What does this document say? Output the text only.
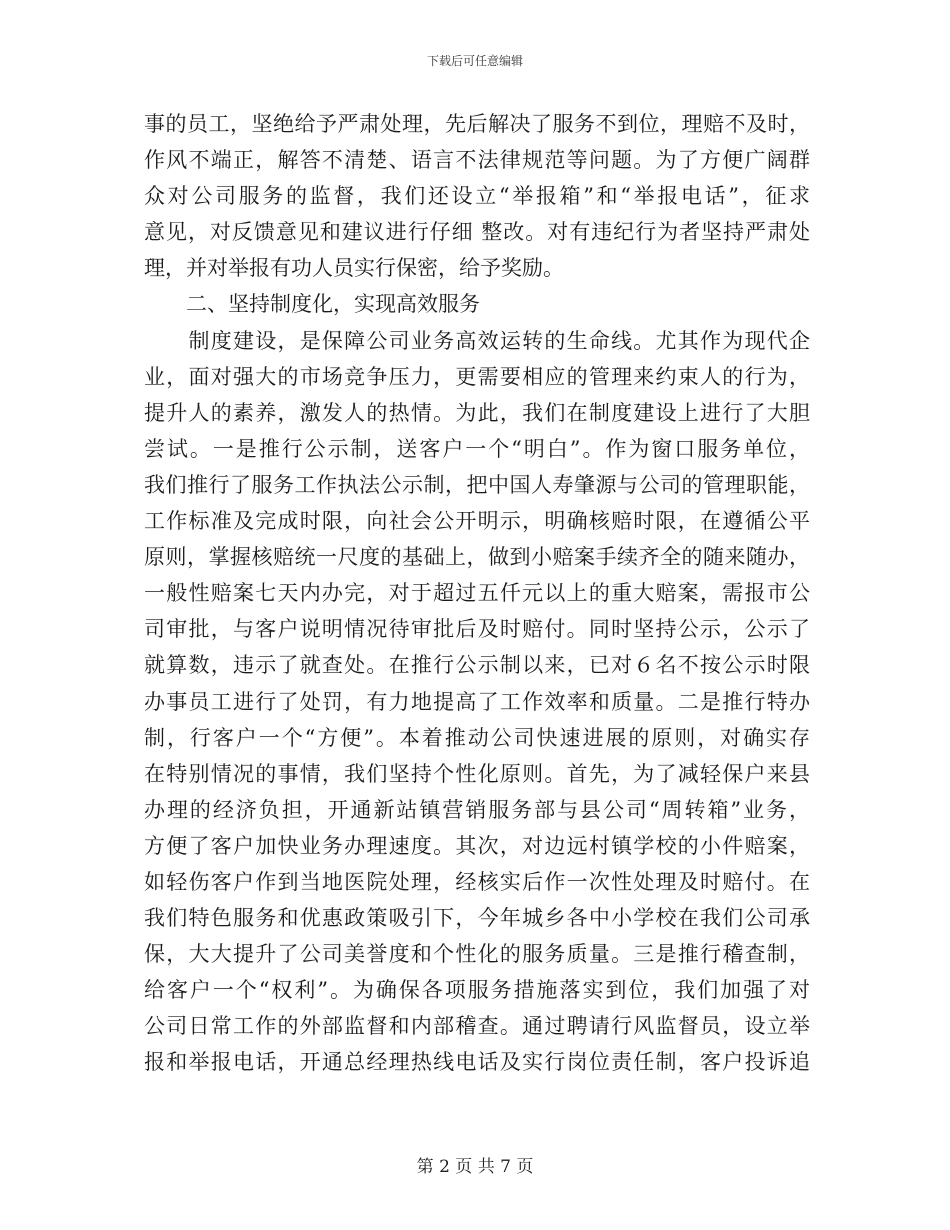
下载后可任意编辑
事的员工，坚绝给予严肃处理，先后解决了服务不到位，理赔不及时，
作风不端正，解答不清楚、语言不法律规范等问题。为了方便广阔群
众对公司服务的监督，我们还设立“举报箱”和“举报电话”，征求
意见，对反馈意见和建议进行仔细 整改。对有违纪行为者坚持严肃处
理，并对举报有功人员实行保密，给予奖励。
　　二、坚持制度化，实现高效服务
　　制度建设，是保障公司业务高效运转的生命线。尤其作为现代企
业，面对强大的市场竞争压力，更需要相应的管理来约束人的行为，
提升人的素养，激发人的热情。为此，我们在制度建设上进行了大胆
尝试。一是推行公示制，送客户一个“明白”。作为窗口服务单位，
我们推行了服务工作执法公示制，把中国人寿肇源与公司的管理职能，
工作标准及完成时限，向社会公开明示，明确核赔时限，在遵循公平
原则，掌握核赔统一尺度的基础上，做到小赔案手续齐全的随来随办，
一般性赔案七天内办完，对于超过五仟元以上的重大赔案，需报市公
司审批，与客户说明情况待审批后及时赔付。同时坚持公示，公示了
就算数，违示了就查处。在推行公示制以来，已对６名不按公示时限
办事员工进行了处罚，有力地提高了工作效率和质量。二是推行特办
制，行客户一个“方便”。本着推动公司快速进展的原则，对确实存
在特别情况的事情，我们坚持个性化原则。首先，为了减轻保户来县
办理的经济负担，开通新站镇营销服务部与县公司“周转箱”业务，
方便了客户加快业务办理速度。其次，对边远村镇学校的小件赔案，
如轻伤客户作到当地医院处理，经核实后作一次性处理及时赔付。在
我们特色服务和优惠政策吸引下，今年城乡各中小学校在我们公司承
保，大大提升了公司美誉度和个性化的服务质量。三是推行稽查制，
给客户一个“权利”。为确保各项服务措施落实到位，我们加强了对
公司日常工作的外部监督和内部稽查。通过聘请行风监督员，设立举
报和举报电话，开通总经理热线电话及实行岗位责任制，客户投诉追
第 2 页 共 7 页
